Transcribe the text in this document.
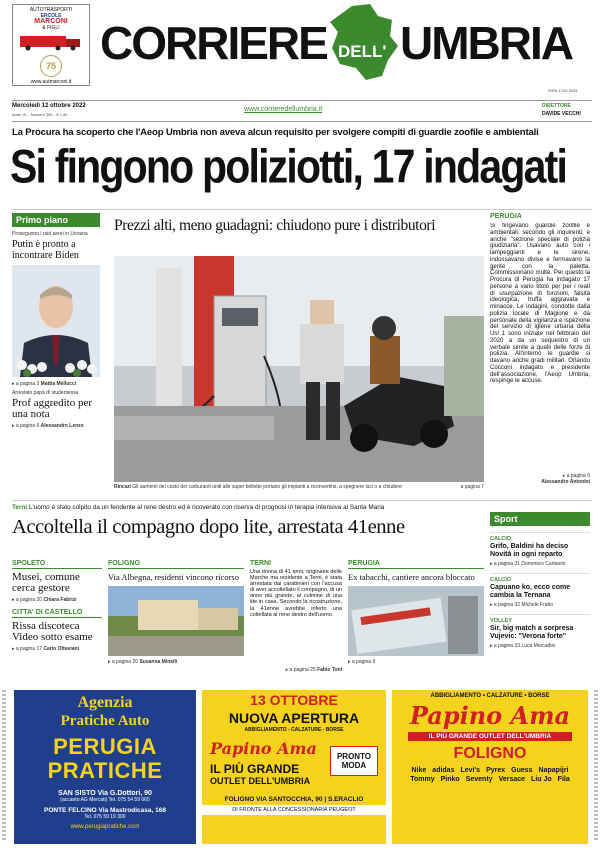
AUTOTRASPORTI
ERCOLE
MARCONI
& FIGLI
75
www.autmarconi.it
CORRIERE DELL' UMBRIA
ISSN 1720-3034
Mercoledì 12 ottobre 2022
Anno XL - Numero 281 - € 1,40
www.corrieredellumbria.it	DIRETTORE
DAVIDE VECCHI
La Procura ha scoperto che l'Aeop Umbria non aveva alcun requisito per svolgere compiti di guardie zoofile e ambientali
Si fingono poliziotti, 17 indagati
Primo piano
Proseguono i raid aerei in Ucraina
Putin è pronto a incontrare Biden
▸ a pagina 3 Mattia Mellucci
Arrestato papà di studentessa
Prof aggredito per una nota
▸ a pagina 6 Alessandro Lenzo
Prezzi alti, meno guadagni: chiudono pure i distributori
Rincari Gli aumenti del costo dei carburanti uniti alle super bollette portano gli impianti a riconvertirsi, a spegnere luci o a chiudere	a pagina 7
PERUGIA
Si fingevano guardie zoofile e ambientali, secondo gli inquirenti, e anche "sezione speciale di polizia giudiziaria". Usavano auto con i lampeggianti e le sirene, indossavano divise e fermavano la gente con la paletta. Commissionano multe. Per questo la Procura di Perugia ha indagato 17 persone a vario titolo per per i reati di usurpazione di funzioni, falsità ideologica, truffa aggravata e minacce. Le indagini, condotte dalla polizia locale di Magione e da personale della vigilanza e ispezione del servizio di igiene urbana della Usl 1 sono iniziate nel febbraio del 2020 a da un sequestro di un verbale simile a quelli delle forze di polizia. All'interno le guardie si davano anche gradi militari. Orlando Cocconi indagato e presidente dell'associazione, l'Aeop Umbria, respinge le accuse.
▸ a pagina 6
Alessandro Antonini
Terni L'uomo è stato colpito da un fendente al rene destro ed è ricoverato con riserva di prognosi in terapia intensiva al Santa Maria
Accoltella il compagno dopo lite, arrestata 41enne
SPOLETO
Musei, comune cerca gestore
▸ a pagina 20 Chiara Fabrizi
CITTA' DI CASTELLO
Rissa discoteca Video sotto esame
▸ a pagina 17 Carlo Ottaviani
FOLIGNO
Via Albegna, residenti vincono ricorso
▸ a pagina 20 Susanna Minelli
TERNI
Una donna di 41 anni, originaria delle Marche ma residente a Terni, è stata arrestata dai carabinieri con l'accusa di aver accoltellato il compagno, di un anno più grande, al culmine di una lite in casa. Secondo la ricostruzione, la 41enne avrebbe inferto una coltellata al rene destro dell'uomo.
▸ a pagina 25 Fabio Toni
PERUGIA
Ex tabacchi, cantiere ancora bloccato
▸ a pagina 9
Sport
CALCIO
Grifo, Baldini ha deciso Novità in ogni reparto
▸ a pagina 31 Domenico Cantarini
CALCIO
Capuano ko, ecco come cambia la Ternana
▸ a pagina 32 Michele Fratto
VOLLEY
Sir, big match a sorpresa Vujevic: "Verona forte"
▸ a pagina 33 Luca Mercadini
Agenzia
Pratiche Auto
PERUGIA
PRATICHE
SAN SISTO Via G.Dottori, 90
(accanto AG Mercati) Tel. 075 54 59 660
PONTE FELCINO Via Mastrodicasa, 168
Tel. 075 59 19 300
www.perugiapratiche.com
13 OTTOBRE
NUOVA APERTURA
ABBIGLIAMENTO - CALZATURE - BORSE
Papino Ama	PRONTO MODA
IL PIÙ GRANDE
OUTLET DELL'UMBRIA
FOLIGNO VIA SANTOCCHIA, 90 | S.ERACLIO
DI FRONTE ALLA CONCESSIONARIA PEUGEOT
ABBIGLIAMENTO • CALZATURE • BORSE
Papino Ama
IL PIÙ GRANDE OUTLET DELL'UMBRIA
FOLIGNO
Nike adidas Levi's Pyrex Guess Napapijri
Tommy Pinko Seventy Versace Liu Jo Fila
